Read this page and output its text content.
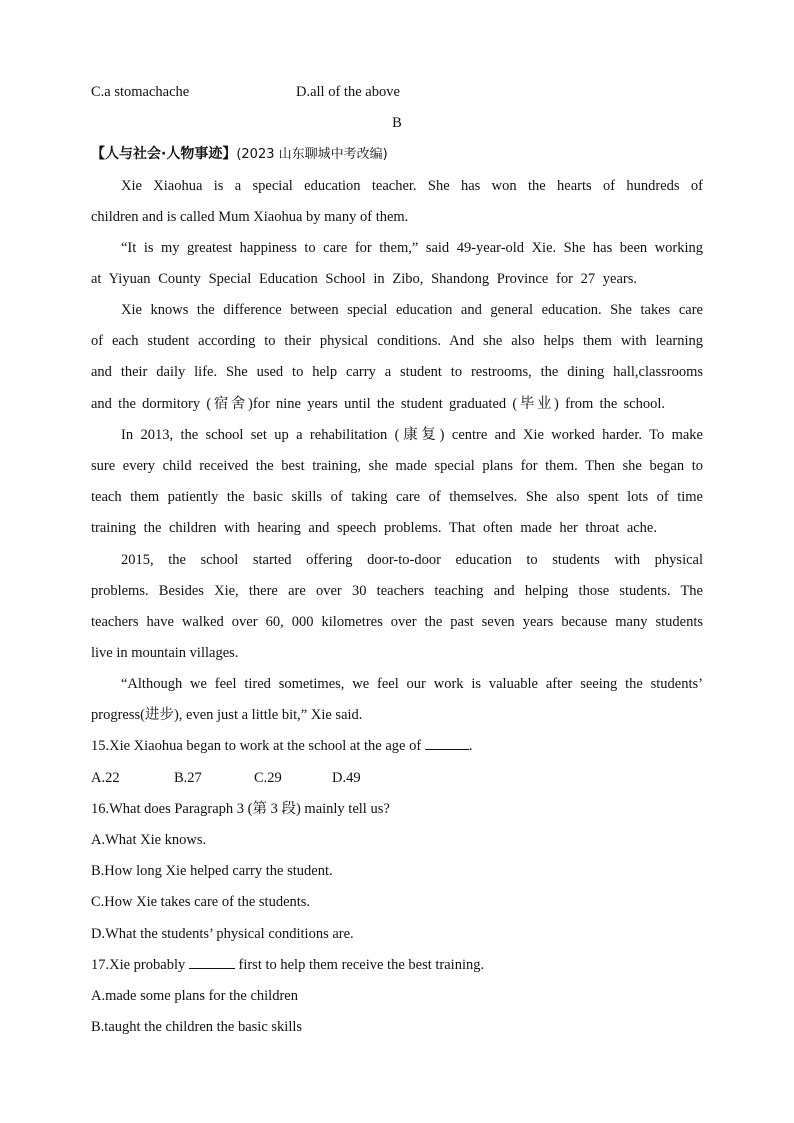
C.a stomachache	D.all of the above
B
【人与社会·人物事迹】(2023 山东聊城中考改编)
Xie Xiaohua is a special education teacher. She has won the hearts of hundreds of
children and is called Mum Xiaohua by many of them.
“It is my greatest happiness to care for them,” said 49-year-old Xie. She has been working
at Yiyuan County Special Education School in Zibo, Shandong Province for 27 years.
Xie knows the difference between special education and general education. She takes care
of each student according to their physical conditions. And she also helps them with learning
and their daily life. She used to help carry a student to restrooms, the dining hall,classrooms
and the dormitory (宿舍)for nine years until the student graduated (毕业) from the school.
In 2013, the school set up a rehabilitation (康复) centre and Xie worked harder. To make
sure every child received the best training, she made special plans for them. Then she began to
teach them patiently the basic skills of taking care of themselves. She also spent lots of time
training the children with hearing and speech problems. That often made her throat ache.
2015, the school started offering door-to-door education to students with physical
problems. Besides Xie, there are over 30 teachers teaching and helping those students. The
teachers have walked over 60, 000 kilometres over the past seven years because many students
live in mountain villages.
“Although we feel tired sometimes, we feel our work is valuable after seeing the students’
progress(进步), even just a little bit,” Xie said.
15.Xie Xiaohua began to work at the school at the age of	.
A.22	B.27	C.29	D.49
16.What does Paragraph 3 (第 3 段) mainly tell us?
A.What Xie knows.
B.How long Xie helped carry the student.
C.How Xie takes care of the students.
D.What the students’ physical conditions are.
17.Xie probably	first to help them receive the best training.
A.made some plans for the children
B.taught the children the basic skills
